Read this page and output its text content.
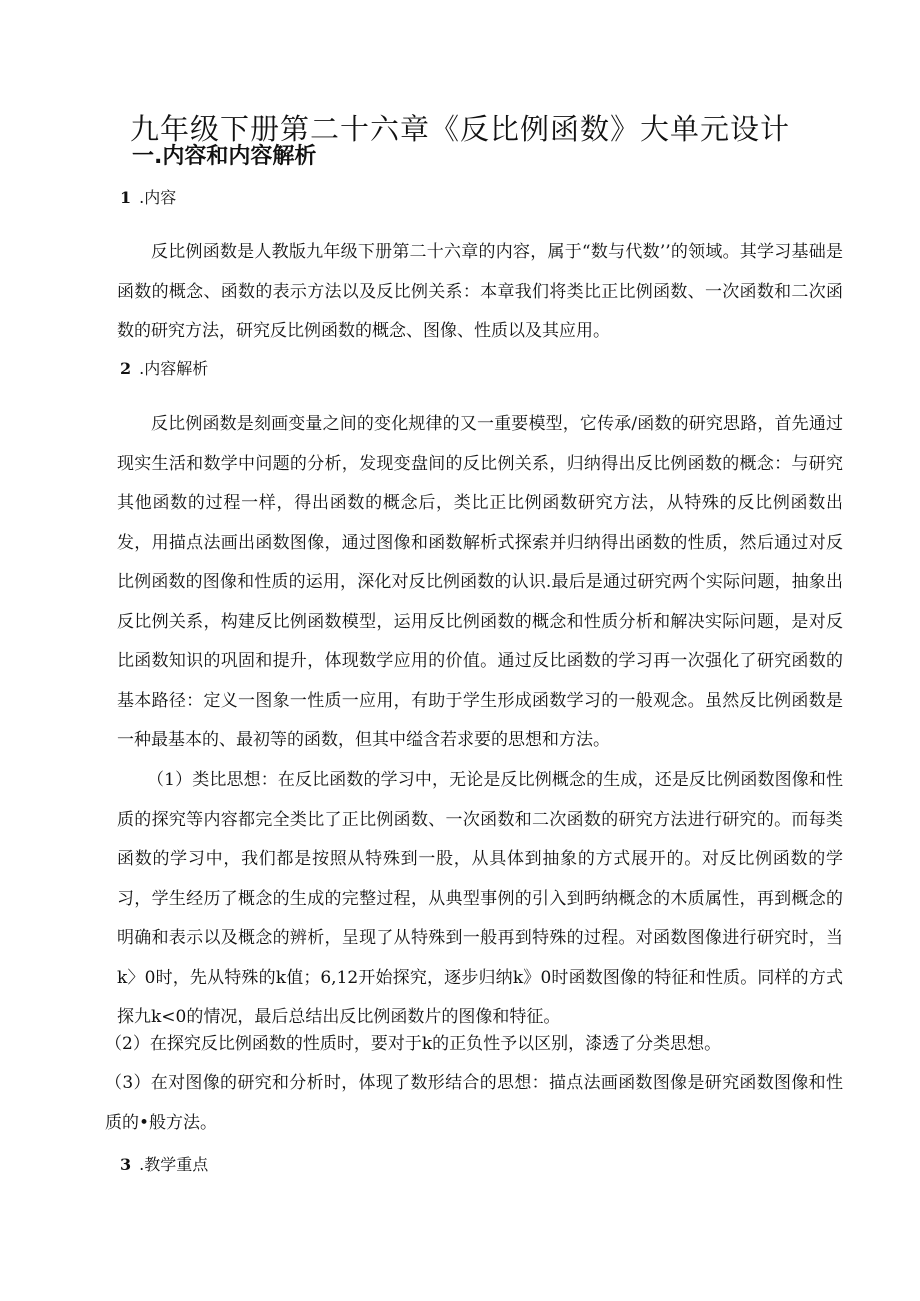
九年级下册第二十六章《反比例函数》大单元设计
一.内容和内容解析
1 .内容

反比例函数是人教版九年级下册第二十六章的内容，属于“数与代数’’的领域。其学习基础是函数的概念、函数的表示方法以及反比例关系：本章我们将类比正比例函数、一次函数和二次函数的研究方法，研究反比例函数的概念、图像、性质以及其应用。

2 .内容解析

反比例函数是刻画变量之间的变化规律的又一重要模型，它传承/函数的研究思路，首先通过现实生活和数学中问题的分析，发现变盘间的反比例关系，归纳得出反比例函数的概念：与研究其他函数的过程一样，得出函数的概念后，类比正比例函数研究方法，从特殊的反比例函数出发，用描点法画出函数图像，通过图像和函数解析式探索并归纳得出函数的性质，然后通过对反比例函数的图像和性质的运用，深化对反比例函数的认识.最后是通过研究两个实际问题，抽象出反比例关系，构建反比例函数模型，运用反比例函数的概念和性质分析和解决实际问题，是对反比函数知识的巩固和提升，体现数学应用的价值。通过反比函数的学习再一次强化了研究函数的基本路径：定义一图象一性质一应用，有助于学生形成函数学习的一般观念。虽然反比例函数是一种最基本的、最初等的函数，但其中缢含若求要的思想和方法。

（1）类比思想：在反比函数的学习中，无论是反比例概念的生成，还是反比例函数图像和性质的探究等内容都完全类比了正比例函数、一次函数和二次函数的研究方法进行研究的。而每类函数的学习中，我们都是按照从特殊到一股，从具体到抽象的方式展开的。对反比例函数的学习，学生经历了概念的生成的完整过程，从典型事例的引入到眄纳概念的木质属性，再到概念的明确和表示以及概念的辨析，呈现了从特殊到一般再到特殊的过程。对函数图像进行研究时，当k〉0时，先从特殊的k值；6,12开始探究，逐步归纳k》0时函数图像的特征和性质。同样的方式探九k<0的情况，最后总结出反比例函数片的图像和特征。

（2）在探究反比例函数的性质时，要对于k的正负性予以区别，漆透了分类思想。

（3）在对图像的研究和分析时，体现了数形结合的思想：描点法画函数图像是研究函数图像和性质的•般方法。

3 .教学重点
